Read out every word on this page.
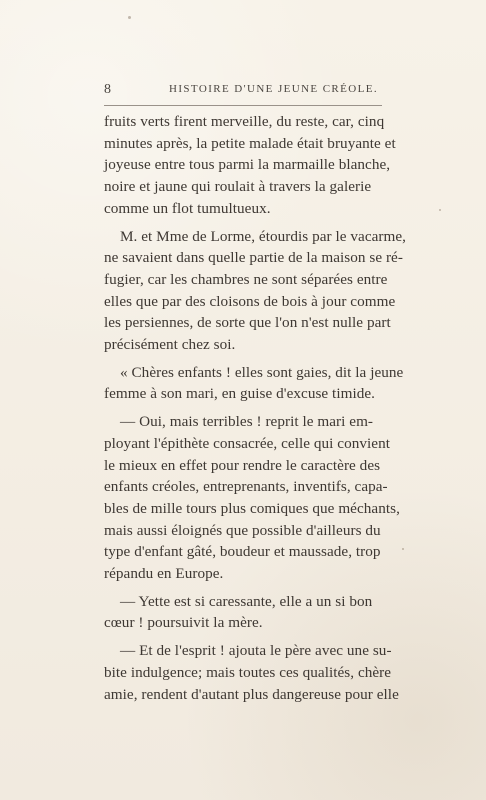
8	HISTOIRE D'UNE JEUNE CRÉOLE.
fruits verts firent merveille, du reste, car, cinq
minutes après, la petite malade était bruyante et
joyeuse entre tous parmi la marmaille blanche,
noire et jaune qui roulait à travers la galerie
comme un flot tumultueux.
M. et Mme de Lorme, étourdis par le vacarme,
ne savaient dans quelle partie de la maison se ré-
fugier, car les chambres ne sont séparées entre
elles que par des cloisons de bois à jour comme
les persiennes, de sorte que l'on n'est nulle part
précisément chez soi.
« Chères enfants ! elles sont gaies, dit la jeune
femme à son mari, en guise d'excuse timide.
— Oui, mais terribles ! reprit le mari em-
ployant l'épithète consacrée, celle qui convient
le mieux en effet pour rendre le caractère des
enfants créoles, entreprenants, inventifs, capa-
bles de mille tours plus comiques que méchants,
mais aussi éloignés que possible d'ailleurs du
type d'enfant gâté, boudeur et maussade, trop
répandu en Europe.
— Yette est si caressante, elle a un si bon
cœur ! poursuivit la mère.
— Et de l'esprit ! ajouta le père avec une su-
bite indulgence; mais toutes ces qualités, chère
amie, rendent d'autant plus dangereuse pour elle
